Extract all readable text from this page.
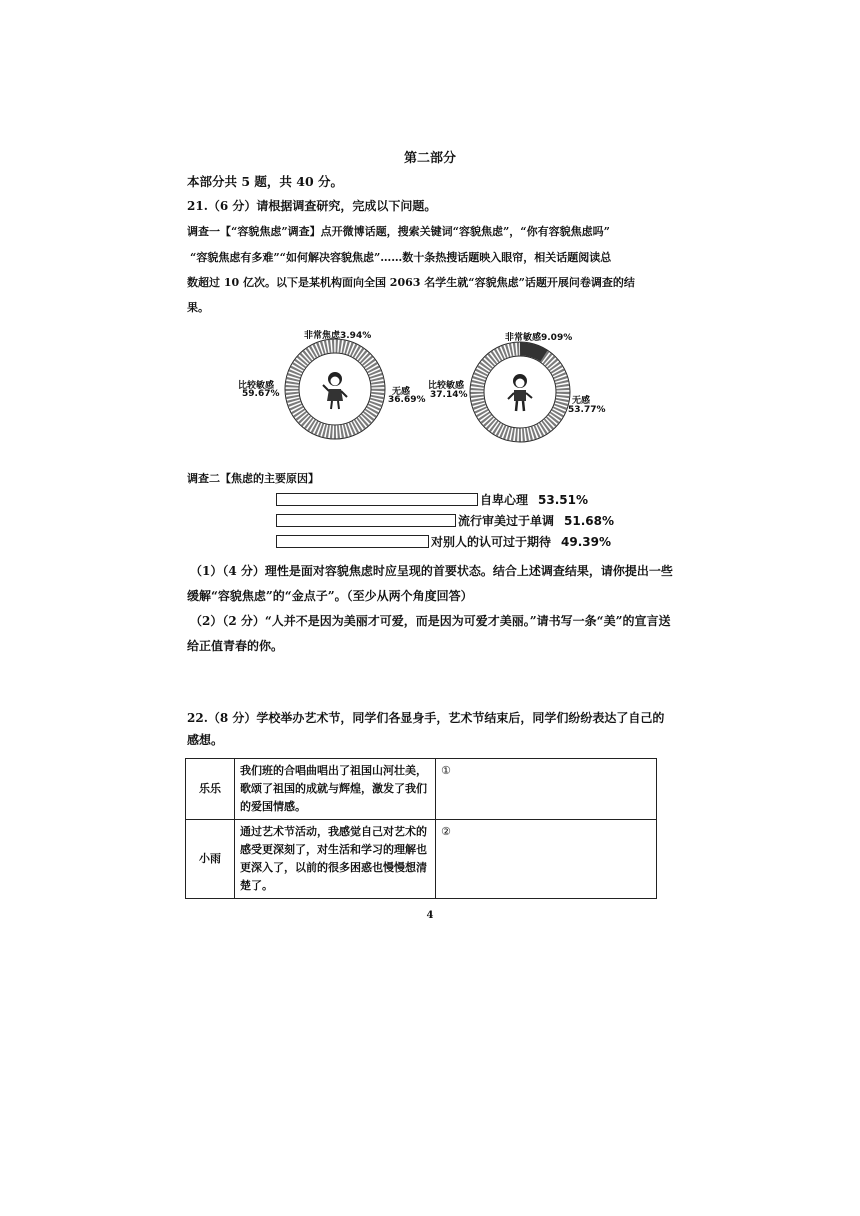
第二部分
本部分共 5 题，共 40 分。
21.（6 分）请根据调查研究，完成以下问题。
调查一【“容貌焦虑”调查】点开微博话题，搜索关键词“容貌焦虑”，“你有容貌焦虑吗”
“容貌焦虑有多难”“如何解决容貌焦虑”……数十条热搜话题映入眼帘，相关话题阅读总
数超过 10 亿次。以下是某机构面向全国 2063 名学生就“容貌焦虑”话题开展问卷调查的结
果。
非常焦虑3.94%
比较敏感
59.67%	无感
36.69%
非常敏感9.09%
比较敏感
37.14%
无感
53.77%
调查二【焦虑的主要原因】
自卑心理 53.51%
流行审美过于单调 51.68%
对别人的认可过于期待 49.39%
（1）（4 分）理性是面对容貌焦虑时应呈现的首要状态。结合上述调查结果，请你提出一些
缓解“容貌焦虑”的“金点子”。（至少从两个角度回答）
（2）（2 分）“人并不是因为美丽才可爱，而是因为可爱才美丽。”请书写一条“美”的宣言送
给正值青春的你。
22.（8 分）学校举办艺术节，同学们各显身手，艺术节结束后，同学们纷纷表达了自己的
感想。
乐乐	我们班的合唱曲唱出了祖国山河壮美，歌颂了祖国的成就与辉煌，激发了我们的爱国情感。	①
小雨	通过艺术节活动，我感觉自己对艺术的感受更深刻了，对生活和学习的理解也更深入了，以前的很多困惑也慢慢想清楚了。	②
4
